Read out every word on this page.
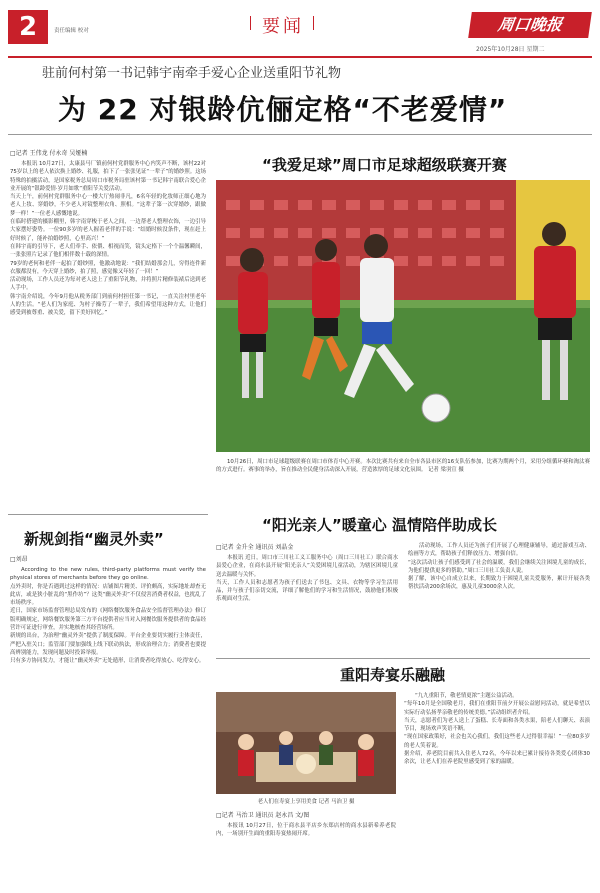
2	责任编辑 校对	要闻	周口晚报
2025年10月28日 星期二
驻前何村第一书记韩宇南牵手爱心企业送重阳节礼物
为 22 对银龄伉俪定格“不老爱情”
□记者 王伟龙 付永奇 吴娅楠
本报讯 10月27日，太康县马厂镇前何村党群服务中心内笑声不断，该村22对75岁以上的老人依次换上婚纱、礼服，拍下了一张张见证“一辈子”的婚纱照。这场特殊的拍摄活动，是国家税务总局周口市税务局驻该村第一书记韩宇南联合爱心企业开展的“银龄爱情·岁月如歌”重阳节关爱活动。
当天上午，前何村党群服务中心一楼大厅热闹非凡，6名年轻的化妆师正细心地为老人上妆、穿婚纱，不少老人对镜整理衣角、照相。“这辈子第一次穿婚纱，跟做梦一样！”一位老人感慨地说。
在临时搭建的摄影棚里，韩宇南穿梭于老人之间，一边帮老人整理衣饰，一边引导大家摆好姿势。一位90多岁的老人握着老伴的手说：“结婚时候没条件，现在赶上好时候了，能补拍婚纱照，心里高兴！”
在韩宇南的引导下，老人们牵手、依偎、相视而笑，镜头定格下一个个温馨瞬间，一张张照片记录了他们相伴数十载的深情。
79岁的老何和老伴一起拍了婚纱照，他激动地说：“我们结婚那会儿，穷得连件新衣服都没有，今天穿上婚纱，拍了照，感觉像又年轻了一回！”
活动现场，工作人员还为每对老人送上了重阳节礼物，并将照片精修装裱后送到老人手中。
韩宇南介绍说，今年9月他从税务部门到前何村担任第一书记，一直关注村里老年人的生活。“老人们为家庭、为村子操劳了一辈子，我们希望用这种方式，让他们感受到被尊重、被关爱，留下美好回忆。”
“我爱足球”周口市足球超级联赛开赛
10月26日，周口市足球超级联赛在周口市体育中心开赛。本次比赛共有来自全市各县市区的16支队伍参加，比赛为期两个月，采用分组循环赛和淘汰赛的方式进行。赛事的举办，旨在推动全民健身活动深入开展，营造浓厚的足球文化氛围。 记者 梁羽宣 摄
新规剑指“幽灵外卖”
□刘昂
According to the new rules, third-party platforms must verify the physical stores of merchants before they go online.
点外卖时，你是否遇到过这样的情况：店铺图片精美、评价颇高，实际地址却查无此店，或是狭小脏乱的“黑作坊”？这类“幽灵外卖”不仅侵害消费者权益，也扰乱了市场秩序。
近日，国家市场监督管理总局发布的《网络餐饮服务食品安全监督管理办法》修订版明确规定，网络餐饮服务第三方平台提供者应当对入网餐饮服务提供者的食品经营许可证进行审查，并实地核查其经营场所。
新规的出台，为治理“幽灵外卖”提供了制度保障。平台企业要切实履行主体责任，严把入驻关口；监管部门要加强线上线下联动执法，形成治理合力；消费者也要提高辨别能力，发现问题及时投诉举报。
只有多方协同发力，才能让“幽灵外卖”无处遁形，让消费者吃得放心、吃得安心。
“阳光亲人”暖童心 温情陪伴助成长
□记者 金升全 通讯员 刘晶金
本报讯 近日，周口市三川社工义工服务中心（周口三川社工）联合商水县爱心企业，在商水县开展“阳光亲人”关爱困境儿童活动，为辖区困境儿童送去温暖与关怀。
当天，工作人员和志愿者为孩子们送去了书包、文具、衣物等学习生活用品，并与孩子们亲切交流，详细了解他们的学习和生活情况，鼓励他们积极乐观面对生活。
活动现场，工作人员还为孩子们开展了心理健康辅导，通过游戏互动、绘画等方式，帮助孩子们释放压力、增强自信。
“这次活动让孩子们感受到了社会的温暖，我们会继续关注困境儿童的成长，为他们提供更多的帮助。”周口三川社工负责人说。
据了解，该中心自成立以来，长期致力于困境儿童关爱服务，累计开展各类帮扶活动200余场次，惠及儿童3000余人次。
重阳寿宴乐融融
老人们在寿宴上享用美食 记者 马治卫 摄
□记者 马治卫 通讯员 赵永昌 文/图
本报讯 10月27日，位于商水县平店乡东郑店村的商水县新希养老院内，一场别开生面的重阳寿宴热闹开席。
“九九重阳节，敬老情更浓”主题公益活动。
“每年10月是全国敬老月，我们在重阳节前夕开展公益慰问活动，就是希望以实际行动弘扬孝亲敬老的传统美德。”活动组织者介绍。
当天，志愿者们为老人送上了蛋糕、长寿面和各类水果，陪老人们聊天、表演节目，现场欢声笑语不断。
“现在国家政策好，社会也关心我们，我们这些老人过得很幸福！”一位80多岁的老人笑着说。
据介绍，养老院目前共入住老人72名，今年以来已累计接待各类爱心团体30余次，让老人们在养老院里感受到了家的温暖。
